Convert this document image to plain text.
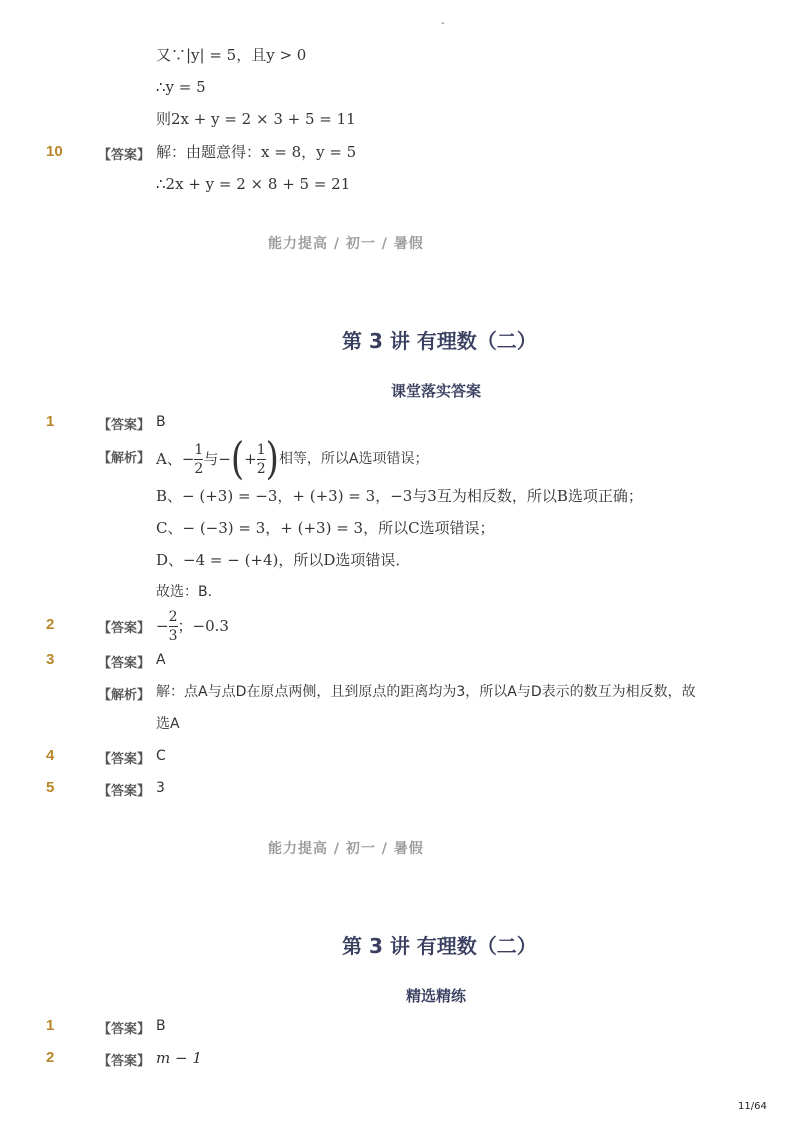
-
又∵|y| = 5，且y > 0
∴y = 5
则2x + y = 2 × 3 + 5 = 11
10	【答案】 解：由题意得：x = 8，y = 5
∴2x + y = 2 × 8 + 5 = 21
能力提高 / 初一 / 暑假
第 3 讲 有理数（二）
课堂落实答案
1	【答案】 B
【解析】 A、− $\frac{1}{2}$ 与− ( + $\frac{1}{2}$ ) 相等，所以A选项错误；
B、− (+3) = −3，+ (+3) = 3，−3与3互为相反数，所以B选项正确；
C、− (−3) = 3，+ (+3) = 3，所以C选项错误；
D、−4 = − (+4)，所以D选项错误．
故选：B．
2	【答案】 − $\frac{2}{3}$ ；−0.3
3	【答案】 A
【解析】 解：点A与点D在原点两侧，且到原点的距离均为3，所以A与D表示的数互为相反数，故
选A
4	【答案】 C
5	【答案】 3
能力提高 / 初一 / 暑假
第 3 讲 有理数（二）
精选精练
1	【答案】 B
2	【答案】 m − 1
11/64
